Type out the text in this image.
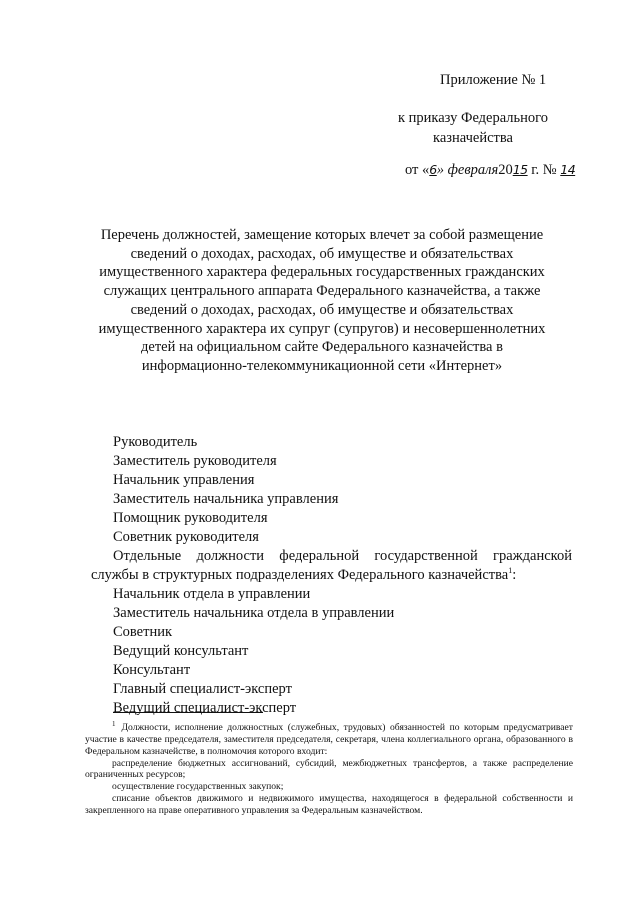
Приложение № 1
к приказу Федерального
казначейства
от «6» февраля2015 г. № 14
Перечень должностей, замещение которых влечет за собой размещение
сведений о доходах, расходах, об имуществе и обязательствах
имущественного характера федеральных государственных гражданских
служащих центрального аппарата Федерального казначейства, а также
сведений о доходах, расходах, об имуществе и обязательствах
имущественного характера их супруг (супругов) и несовершеннолетних
детей на официальном сайте Федерального казначейства в
информационно-телекоммуникационной сети «Интернет»
Руководитель
Заместитель руководителя
Начальник управления
Заместитель начальника управления
Помощник руководителя
Советник руководителя
Отдельные должности федеральной государственной гражданской
службы в структурных подразделениях Федерального казначейства$^1$:
Начальник отдела в управлении
Заместитель начальника отдела в управлении
Советник
Ведущий консультант
Консультант
Главный специалист-эксперт
Ведущий специалист-эксперт

$^1$ Должности, исполнение должностных (служебных, трудовых) обязанностей по которым предусматривает участие в качестве председателя, заместителя председателя, секретаря, члена коллегиального органа, образованного в Федеральном казначействе, в полномочия которого входит:

распределение бюджетных ассигнований, субсидий, межбюджетных трансфертов, а также распределение ограниченных ресурсов;

осуществление государственных закупок;

списание объектов движимого и недвижимого имущества, находящегося в федеральной собственности и закрепленного на праве оперативного управления за Федеральным казначейством.
